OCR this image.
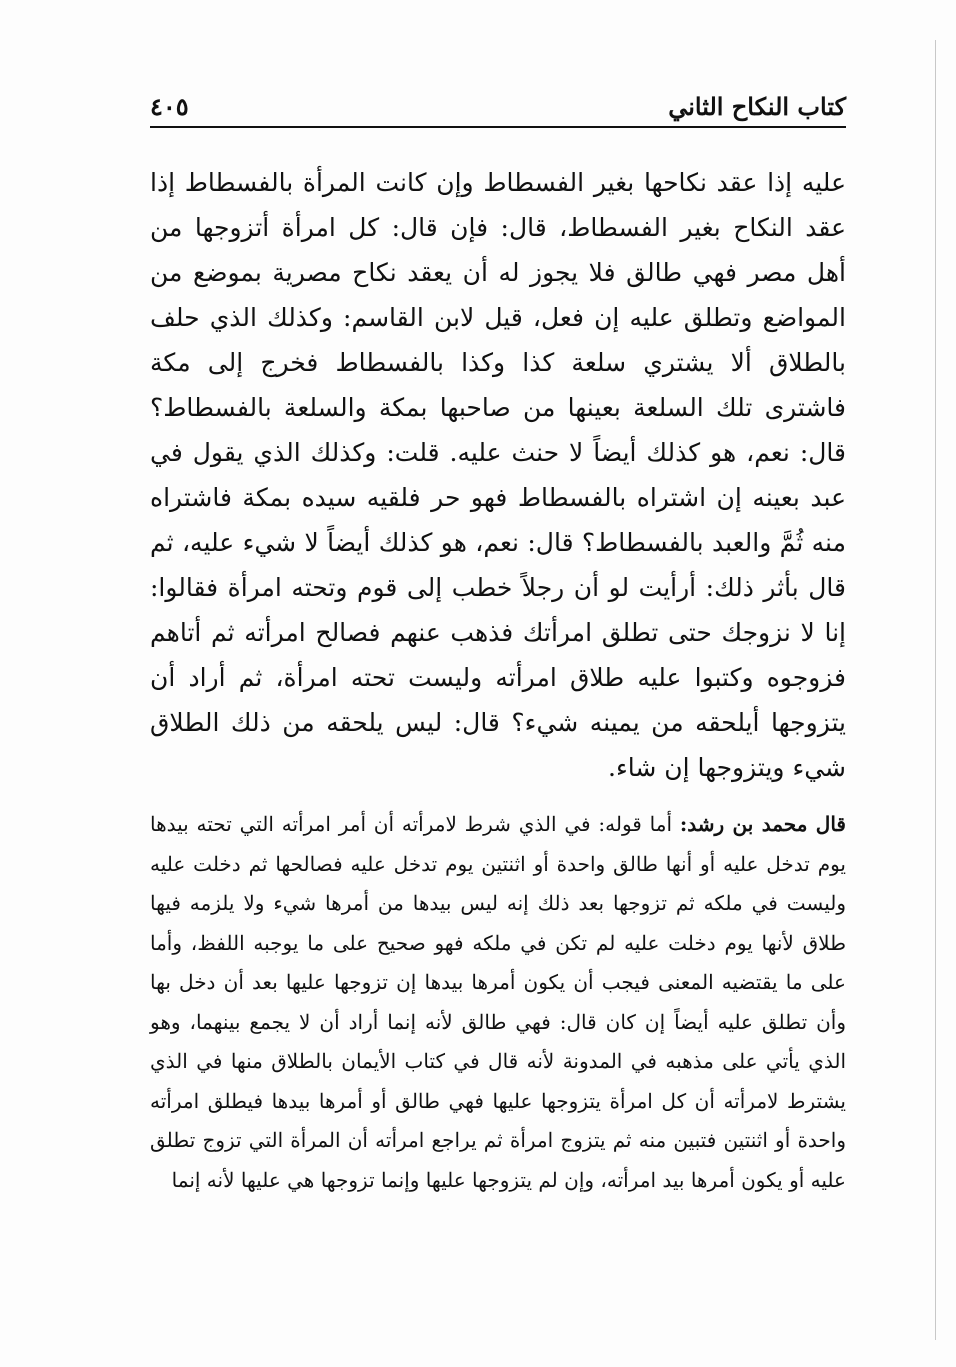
كتاب النكاح الثاني
٤٠٥
عليه إذا عقد نكاحها بغير الفسطاط وإن كانت المرأة بالفسطاط إذا عقد النكاح بغير الفسطاط، قال: فإن قال: كل امرأة أتزوجها من أهل مصر فهي طالق فلا يجوز له أن يعقد نكاح مصرية بموضع من المواضع وتطلق عليه إن فعل، قيل لابن القاسم: وكذلك الذي حلف بالطلاق ألا يشتري سلعة كذا وكذا بالفسطاط فخرج إلى مكة فاشترى تلك السلعة بعينها من صاحبها بمكة والسلعة بالفسطاط؟ قال: نعم، هو كذلك أيضاً لا حنث عليه. قلت: وكذلك الذي يقول في عبد بعينه إن اشتراه بالفسطاط فهو حر فلقيه سيده بمكة فاشتراه منه ثُمَّ والعبد بالفسطاط؟ قال: نعم، هو كذلك أيضاً لا شيء عليه، ثم قال بأثر ذلك: أرأيت لو أن رجلاً خطب إلى قوم وتحته امرأة فقالوا: إنا لا نزوجك حتى تطلق امرأتك فذهب عنهم فصالح امرأته ثم أتاهم فزوجوه وكتبوا عليه طلاق امرأته وليست تحته امرأة، ثم أراد أن يتزوجها أيلحقه من يمينه شيء؟ قال: ليس يلحقه من ذلك الطلاق شيء ويتزوجها إن شاء.
قال محمد بن رشد: أما قوله: في الذي شرط لامرأته أن أمر امرأته التي تحته بيدها يوم تدخل عليه أو أنها طالق واحدة أو اثنتين يوم تدخل عليه فصالحها ثم دخلت عليه وليست في ملكه ثم تزوجها بعد ذلك إنه ليس بيدها من أمرها شيء ولا يلزمه فيها طلاق لأنها يوم دخلت عليه لم تكن في ملكه فهو صحيح على ما يوجبه اللفظ، وأما على ما يقتضيه المعنى فيجب أن يكون أمرها بيدها إن تزوجها عليها بعد أن دخل بها وأن تطلق عليه أيضاً إن كان قال: فهي طالق لأنه إنما أراد أن لا يجمع بينهما، وهو الذي يأتي على مذهبه في المدونة لأنه قال في كتاب الأيمان بالطلاق منها في الذي يشترط لامرأته أن كل امرأة يتزوجها عليها فهي طالق أو أمرها بيدها فيطلق امرأته واحدة أو اثنتين فتبين منه ثم يتزوج امرأة ثم يراجع امرأته أن المرأة التي تزوج تطلق عليه أو يكون أمرها بيد امرأته، وإن لم يتزوجها عليها وإنما تزوجها هي عليها لأنه إنما
